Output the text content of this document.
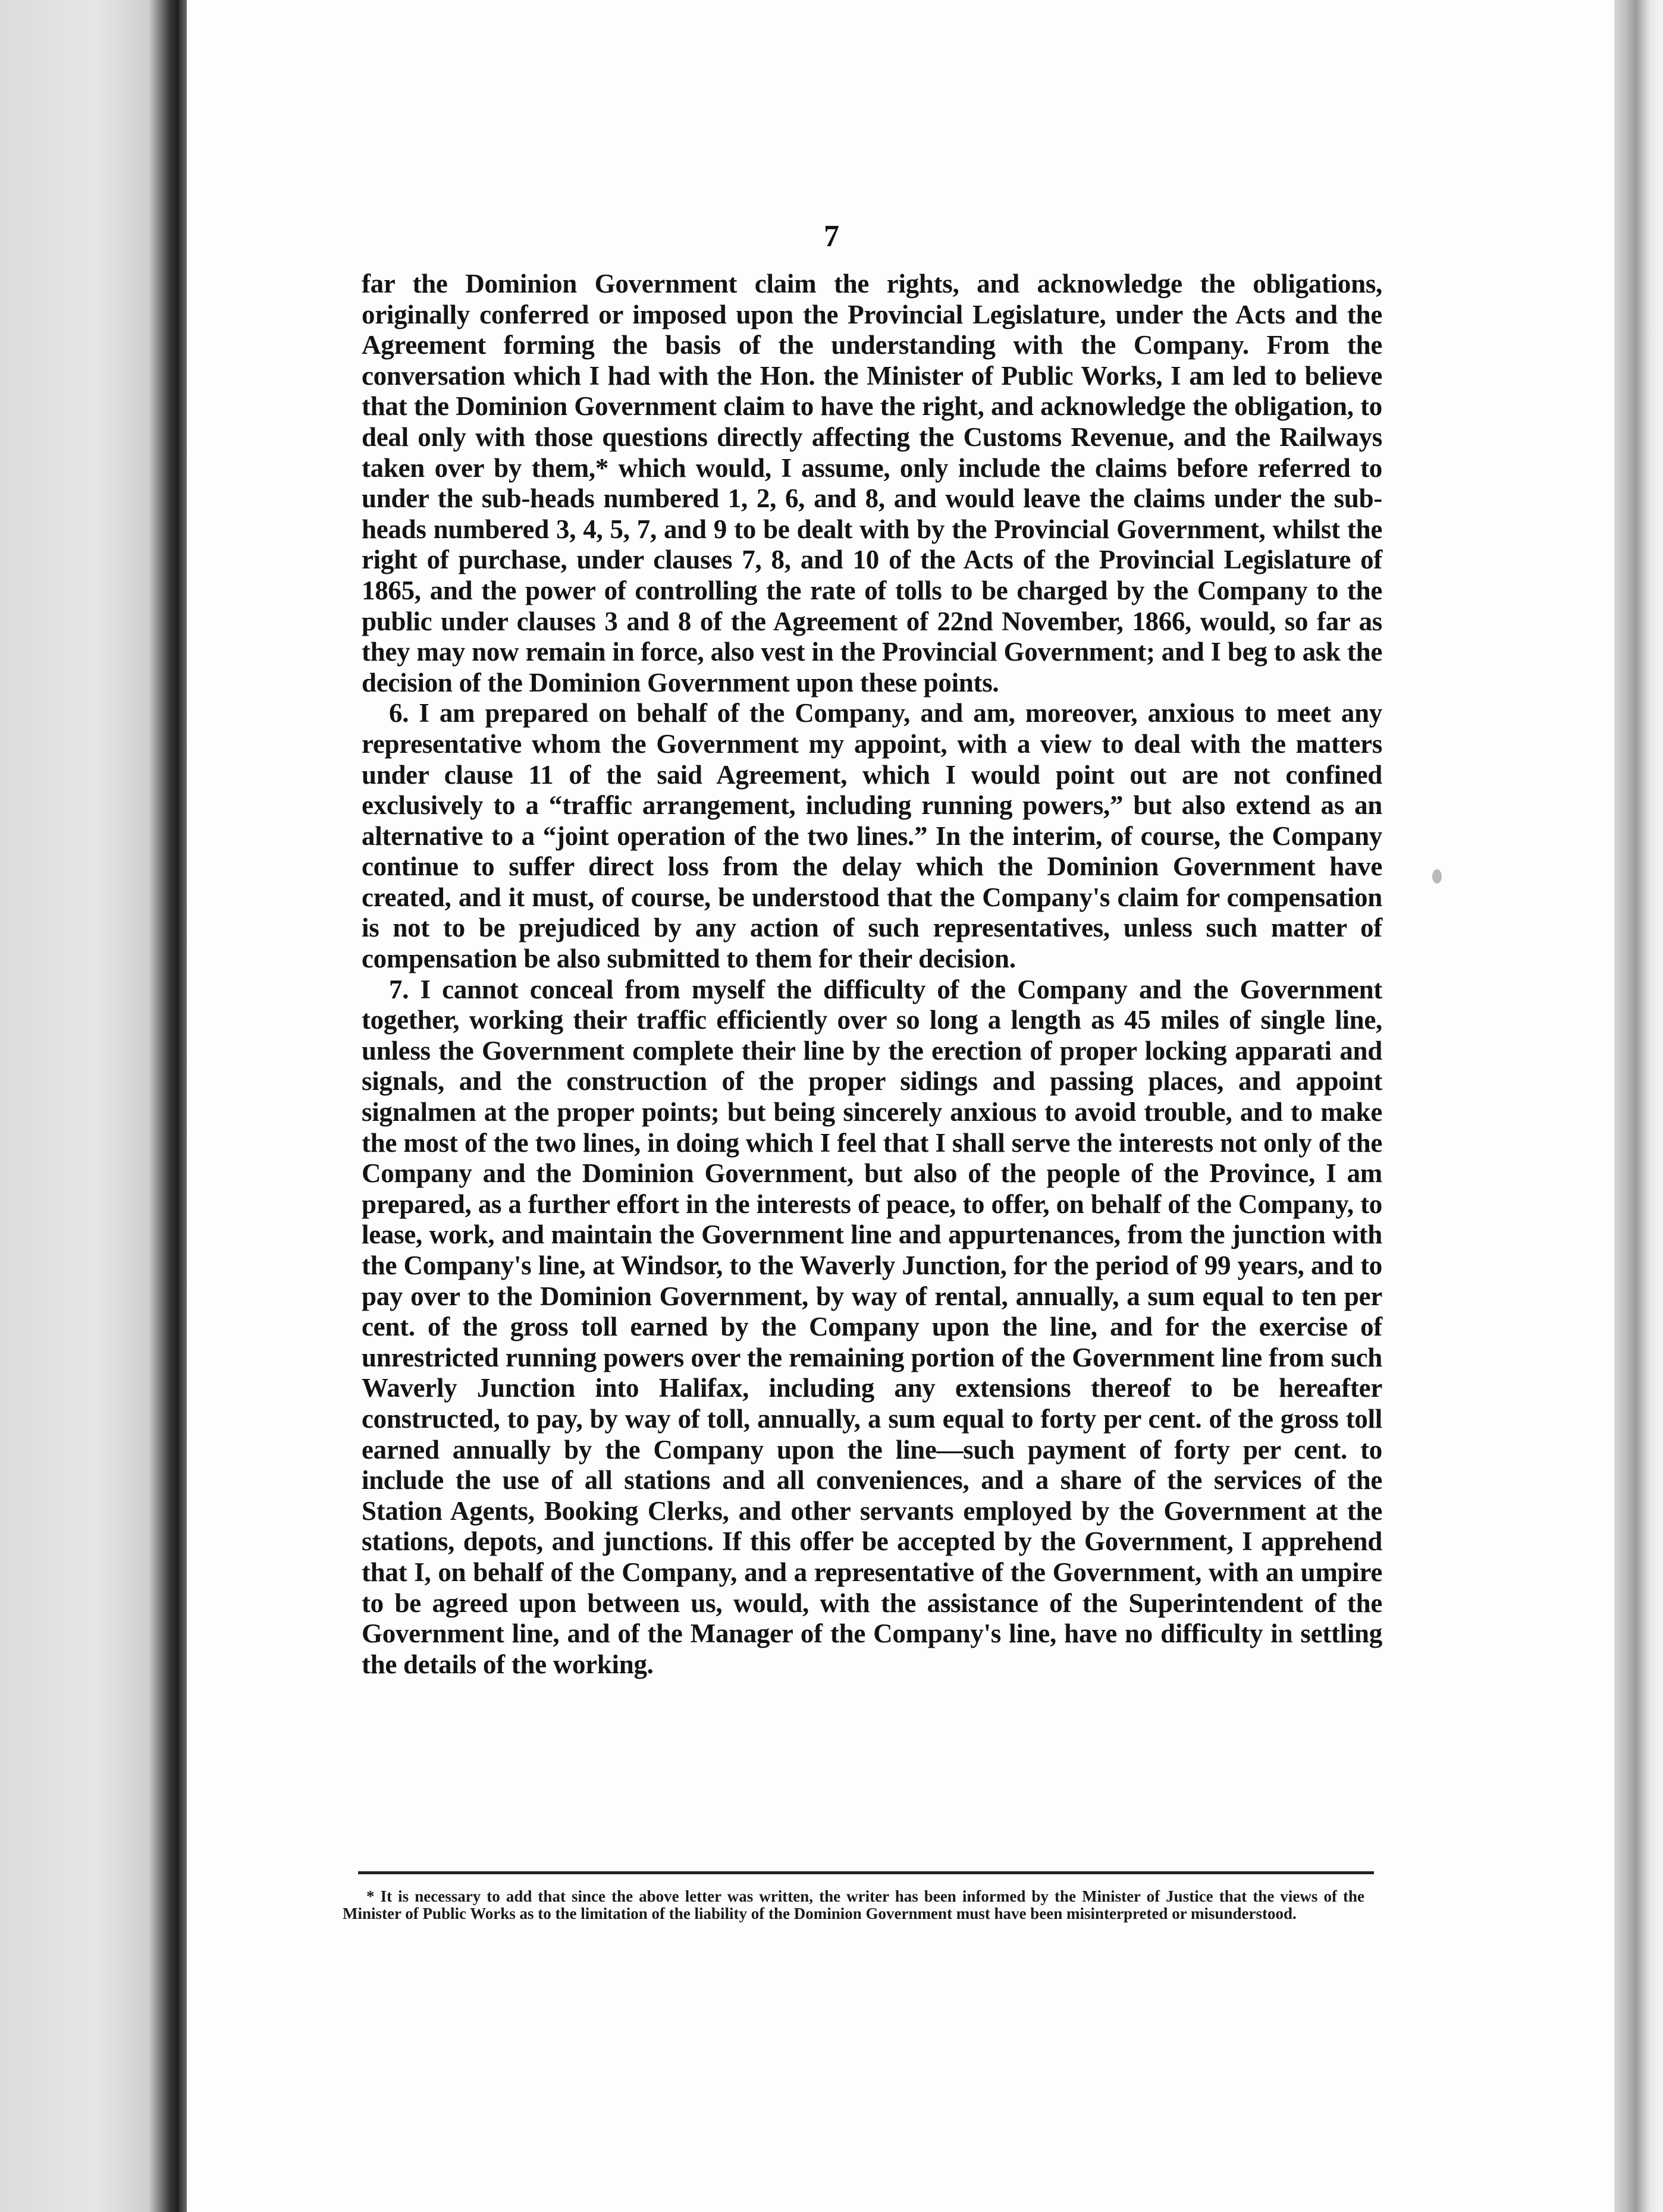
7

far the Dominion Government claim the rights, and acknowledge the obligations, originally conferred or imposed upon the Provincial Legislature, under the Acts and the Agreement forming the basis of the understanding with the Company. From the conversation which I had with the Hon. the Minister of Public Works, I am led to believe that the Dominion Government claim to have the right, and acknowledge the obligation, to deal only with those questions directly affecting the Customs Revenue, and the Railways taken over by them,* which would, I assume, only include the claims before referred to under the sub-heads numbered 1, 2, 6, and 8, and would leave the claims under the sub-heads numbered 3, 4, 5, 7, and 9 to be dealt with by the Provincial Government, whilst the right of purchase, under clauses 7, 8, and 10 of the Acts of the Provincial Legislature of 1865, and the power of controlling the rate of tolls to be charged by the Company to the public under clauses 3 and 8 of the Agreement of 22nd November, 1866, would, so far as they may now remain in force, also vest in the Provincial Government; and I beg to ask the decision of the Dominion Government upon these points.

6. I am prepared on behalf of the Company, and am, moreover, anxious to meet any representative whom the Government my appoint, with a view to deal with the matters under clause 11 of the said Agreement, which I would point out are not confined exclusively to a “traffic arrangement, including running powers,” but also extend as an alternative to a “joint operation of the two lines.” In the interim, of course, the Company continue to suffer direct loss from the delay which the Dominion Government have created, and it must, of course, be understood that the Company's claim for compensation is not to be prejudiced by any action of such representatives, unless such matter of compensation be also submitted to them for their decision.

7. I cannot conceal from myself the difficulty of the Company and the Government together, working their traffic efficiently over so long a length as 45 miles of single line, unless the Government complete their line by the erection of proper locking apparati and signals, and the construction of the proper sidings and passing places, and appoint signalmen at the proper points; but being sincerely anxious to avoid trouble, and to make the most of the two lines, in doing which I feel that I shall serve the interests not only of the Company and the Dominion Government, but also of the people of the Province, I am prepared, as a further effort in the interests of peace, to offer, on behalf of the Company, to lease, work, and maintain the Government line and appurtenances, from the junction with the Company's line, at Windsor, to the Waverly Junction, for the period of 99 years, and to pay over to the Dominion Government, by way of rental, annually, a sum equal to ten per cent. of the gross toll earned by the Company upon the line, and for the exercise of unrestricted running powers over the remaining portion of the Government line from such Waverly Junction into Halifax, including any extensions thereof to be hereafter constructed, to pay, by way of toll, annually, a sum equal to forty per cent. of the gross toll earned annually by the Company upon the line—such payment of forty per cent. to include the use of all stations and all conveniences, and a share of the services of the Station Agents, Booking Clerks, and other servants employed by the Government at the stations, depots, and junctions. If this offer be accepted by the Government, I apprehend that I, on behalf of the Company, and a representative of the Government, with an umpire to be agreed upon between us, would, with the assistance of the Superintendent of the Government line, and of the Manager of the Company's line, have no difficulty in settling the details of the working.

* It is necessary to add that since the above letter was written, the writer has been informed by the Minister of Justice that the views of the Minister of Public Works as to the limitation of the liability of the Dominion Government must have been misinterpreted or misunderstood.
